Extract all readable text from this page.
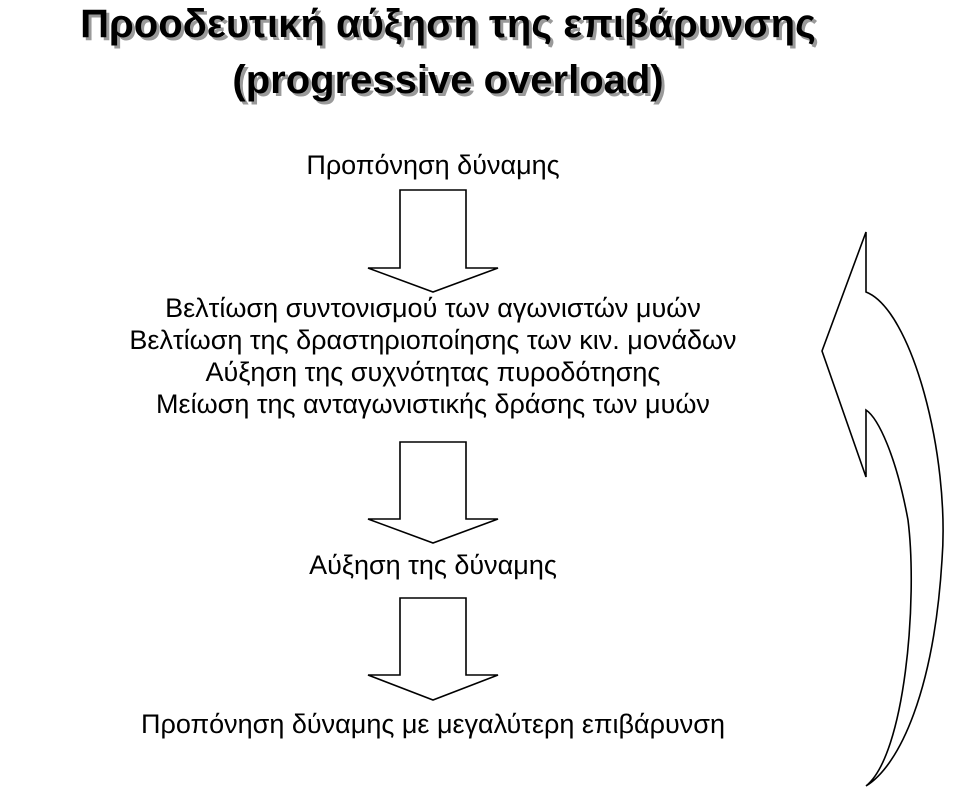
Προοδευτική αύξηση της επιβάρυνσης
(progressive overload)
Προπόνηση δύναμης
Βελτίωση συντονισμού των αγωνιστών μυών
Βελτίωση της δραστηριοποίησης των κιν. μονάδων
Αύξηση της συχνότητας πυροδότησης
Μείωση της ανταγωνιστικής δράσης των μυών
Αύξηση της δύναμης
Προπόνηση δύναμης με μεγαλύτερη επιβάρυνση
